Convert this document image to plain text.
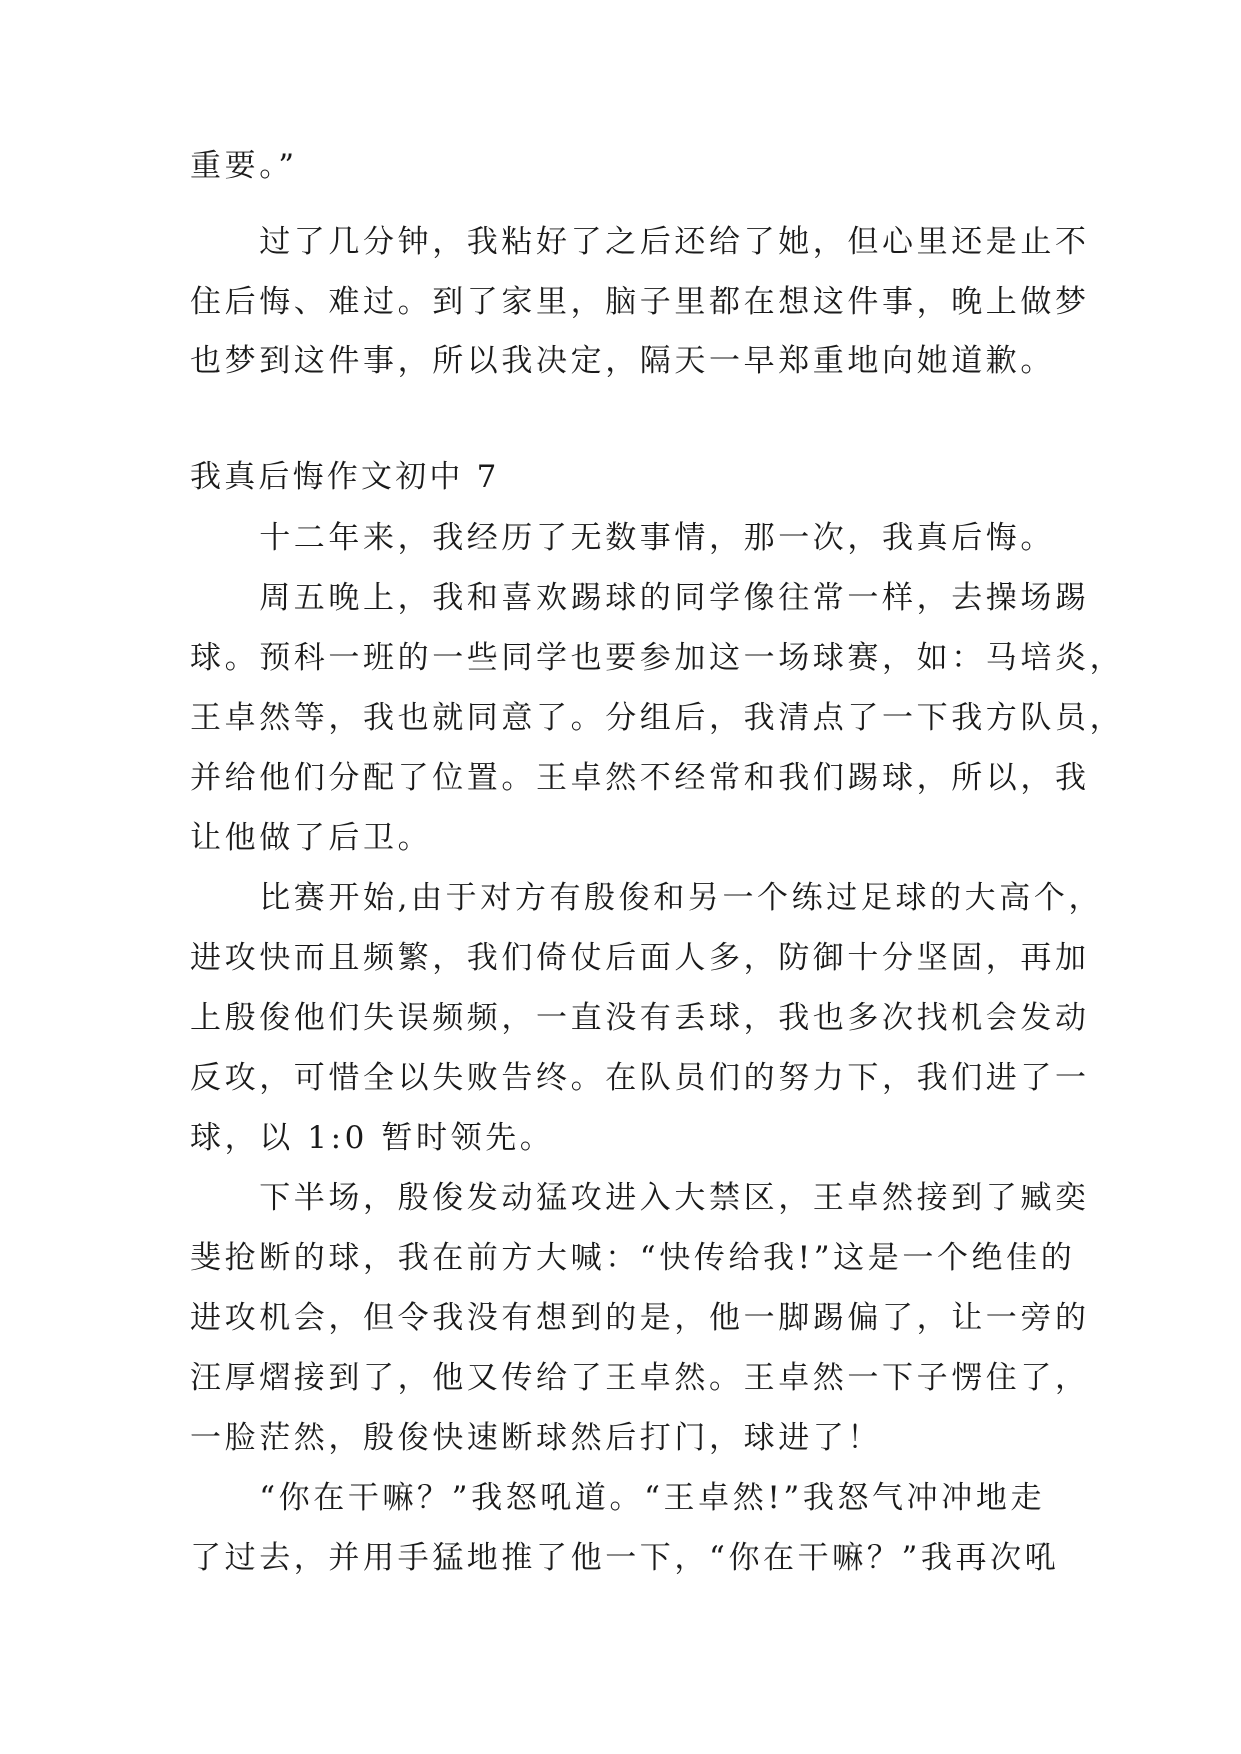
重要。”
　　过了几分钟，我粘好了之后还给了她，但心里还是止不
住后悔、难过。到了家里，脑子里都在想这件事，晚上做梦
也梦到这件事，所以我决定，隔天一早郑重地向她道歉。
我真后悔作文初中 7
　　十二年来，我经历了无数事情，那一次，我真后悔。
　　周五晚上，我和喜欢踢球的同学像往常一样，去操场踢
球。预科一班的一些同学也要参加这一场球赛，如：马培炎，
王卓然等，我也就同意了。分组后，我清点了一下我方队员，
并给他们分配了位置。王卓然不经常和我们踢球，所以，我
让他做了后卫。
　　比赛开始,由于对方有殷俊和另一个练过足球的大高个，
进攻快而且频繁，我们倚仗后面人多，防御十分坚固，再加
上殷俊他们失误频频，一直没有丢球，我也多次找机会发动
反攻，可惜全以失败告终。在队员们的努力下，我们进了一
球，以 1:0 暂时领先。
　　下半场，殷俊发动猛攻进入大禁区，王卓然接到了臧奕
斐抢断的球，我在前方大喊：“快传给我!”这是一个绝佳的
进攻机会，但令我没有想到的是，他一脚踢偏了，让一旁的
汪厚熠接到了，他又传给了王卓然。王卓然一下子愣住了，
一脸茫然，殷俊快速断球然后打门，球进了！
　　“你在干嘛？”我怒吼道。“王卓然!”我怒气冲冲地走
了过去，并用手猛地推了他一下，“你在干嘛？”我再次吼
